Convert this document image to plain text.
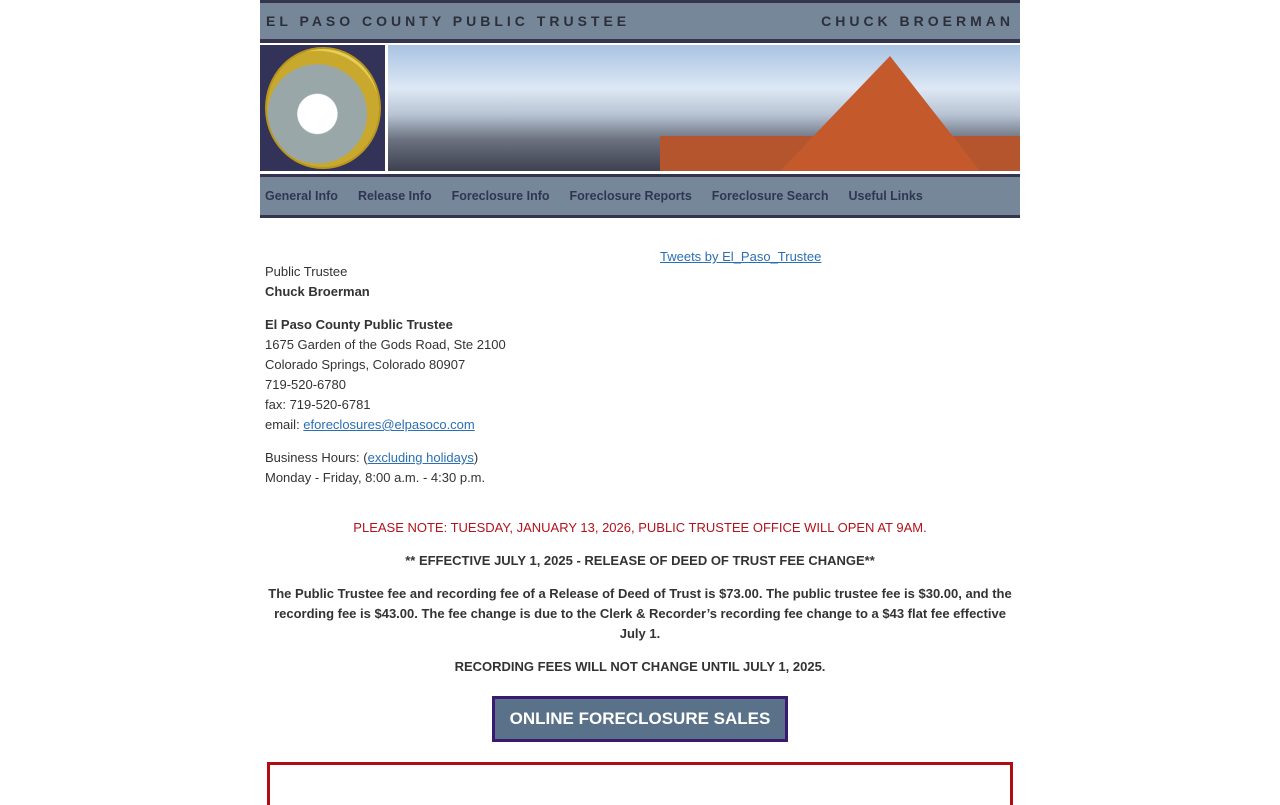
EL PASO COUNTY PUBLIC TRUSTEE	CHUCK BROERMAN
General Info Release Info Foreclosure Info Foreclosure Reports Foreclosure Search Useful Links

Public Trustee
Chuck Broerman

El Paso County Public Trustee
1675 Garden of the Gods Road, Ste 2100
Colorado Springs, Colorado 80907
719-520-6780
fax: 719-520-6781
email: eforeclosures@elpasoco.com

Business Hours: (excluding holidays)
Monday - Friday, 8:00 a.m. - 4:30 p.m.

Tweets by El_Paso_Trustee

PLEASE NOTE: TUESDAY, JANUARY 13, 2026, PUBLIC TRUSTEE OFFICE WILL OPEN AT 9AM.

** EFFECTIVE JULY 1, 2025 - RELEASE OF DEED OF TRUST FEE CHANGE**

The Public Trustee fee and recording fee of a Release of Deed of Trust is $73.00. The public trustee fee is $30.00, and the recording fee is $43.00. The fee change is due to the Clerk & Recorder’s recording fee change to a $43 flat fee effective July 1.

RECORDING FEES WILL NOT CHANGE UNTIL JULY 1, 2025.

ONLINE FORECLOSURE SALES
